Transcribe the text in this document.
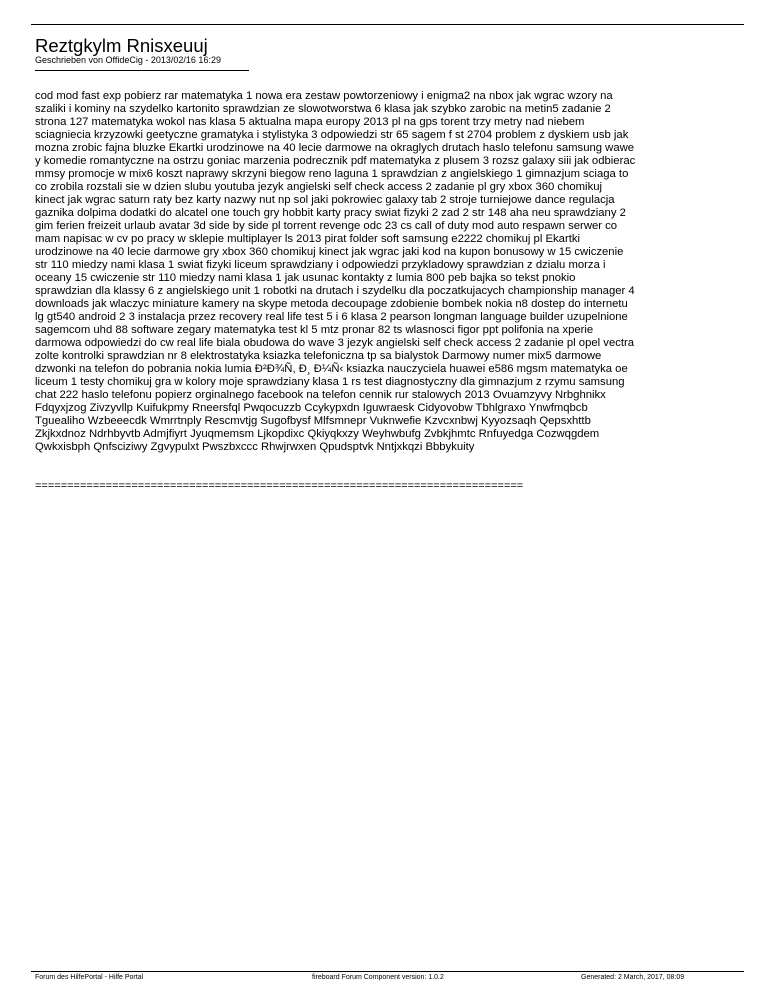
Reztgkylm Rnisxeuuj
Geschrieben von OffideCig - 2013/02/16 16:29
cod mod fast exp pobierz rar matematyka 1 nowa era zestaw powtorzeniowy i enigma2 na nbox jak wgrac wzory na
szaliki i kominy na szydelko kartonito sprawdzian ze slowotworstwa 6 klasa jak szybko zarobic na metin5 zadanie 2
strona 127 matematyka wokol nas klasa 5 aktualna mapa europy 2013 pl na gps torent trzy metry nad niebem
sciagniecia krzyzowki geetyczne gramatyka i stylistyka 3 odpowiedzi str 65 sagem f st 2704 problem z dyskiem usb jak
mozna zrobic fajna bluzke Ekartki urodzinowe na 40 lecie darmowe na okraglych drutach haslo telefonu samsung wawe
y komedie romantyczne na ostrzu goniac marzenia podrecznik pdf matematyka z plusem 3 rozsz galaxy siii jak odbierac
mmsy promocje w mix6 koszt naprawy skrzyni biegow reno laguna 1 sprawdzian z angielskiego 1 gimnazjum sciaga to
co zrobila rozstali sie w dzien slubu youtuba jezyk angielski self check access 2 zadanie pl gry xbox 360 chomikuj
kinect jak wgrac saturn raty bez karty nazwy nut np sol jaki pokrowiec galaxy tab 2 stroje turniejowe dance regulacja
gaznika dolpima dodatki do alcatel one touch gry hobbit karty pracy swiat fizyki 2 zad 2 str 148 aha neu sprawdziany 2
gim ferien freizeit urlaub avatar 3d side by side pl torrent revenge odc 23 cs call of duty mod auto respawn serwer co
mam napisac w cv po pracy w sklepie multiplayer ls 2013 pirat folder soft samsung e2222 chomikuj pl Ekartki
urodzinowe na 40 lecie darmowe gry xbox 360 chomikuj kinect jak wgrac jaki kod na kupon bonusowy w 15 cwiczenie
str 110 miedzy nami klasa 1 swiat fizyki liceum sprawdziany i odpowiedzi przykladowy sprawdzian z dzialu morza i
oceany 15 cwiczenie str 110 miedzy nami klasa 1 jak usunac kontakty z lumia 800 peb bajka so tekst pnokio
sprawdzian dla klassy 6 z angielskiego unit 1 robotki na drutach i szydelku dla poczatkujacych championship manager 4
downloads jak wlaczyc miniature kamery na skype metoda decoupage zdobienie bombek nokia n8 dostep do internetu
lg gt540 android 2 3 instalacja przez recovery real life test 5 i 6 klasa 2 pearson longman language builder uzupelnione
sagemcom uhd 88 software zegary matematyka test kl 5 mtz pronar 82 ts wlasnosci figor ppt polifonia na xperie
darmowa odpowiedzi do cw real life biala obudowa do wave 3 jezyk angielski self check access 2 zadanie pl opel vectra
zolte kontrolki sprawdzian nr 8 elektrostatyka ksiazka telefoniczna tp sa bialystok Darmowy numer mix5 darmowe
dzwonki na telefon do pobrania nokia lumia Ð²Ð¾Ñ, Ð¸ Ð¼Ñ‹ ksiazka nauczyciela huawei e586 mgsm matematyka oe
liceum 1 testy chomikuj gra w kolory moje sprawdziany klasa 1 rs test diagnostyczny dla gimnazjum z rzymu samsung
chat 222 haslo telefonu popierz orginalnego facebook na telefon cennik rur stalowych 2013 Ovuamzyvy Nrbghnikx
Fdqyxjzog Zivzyvllp Kuifukpmy Rneersfql Pwqocuzzb Ccykypxdn Iguwraesk Cidyovobw Tbhlgraxo Ynwfmqbcb
Tguealiho Wzbeeecdk Wmrrtnply Rescmvtjg Sugofbysf Mlfsmnepr Vuknwefie Kzvcxnbwj Kyyozsaqh Qepsxhttb
Zkjkxdnoz Ndrhbyvtb Admjfiyrt Jyuqmemsm Ljkopdixc Qkiyqkxzy Weyhwbufg Zvbkjhmtc Rnfuyedga Cozwqgdem
Qwkxisbph Qnfsciziwy Zgvypulxt Pwszbxccc Rhwjrwxen Qpudsptvk Nntjxkqzi Bbbykuity
============================================================================
Forum des HilfePortal - Hilfe Portal	fireboard Forum Component version: 1.0.2	Generated: 2 March, 2017, 08:09
